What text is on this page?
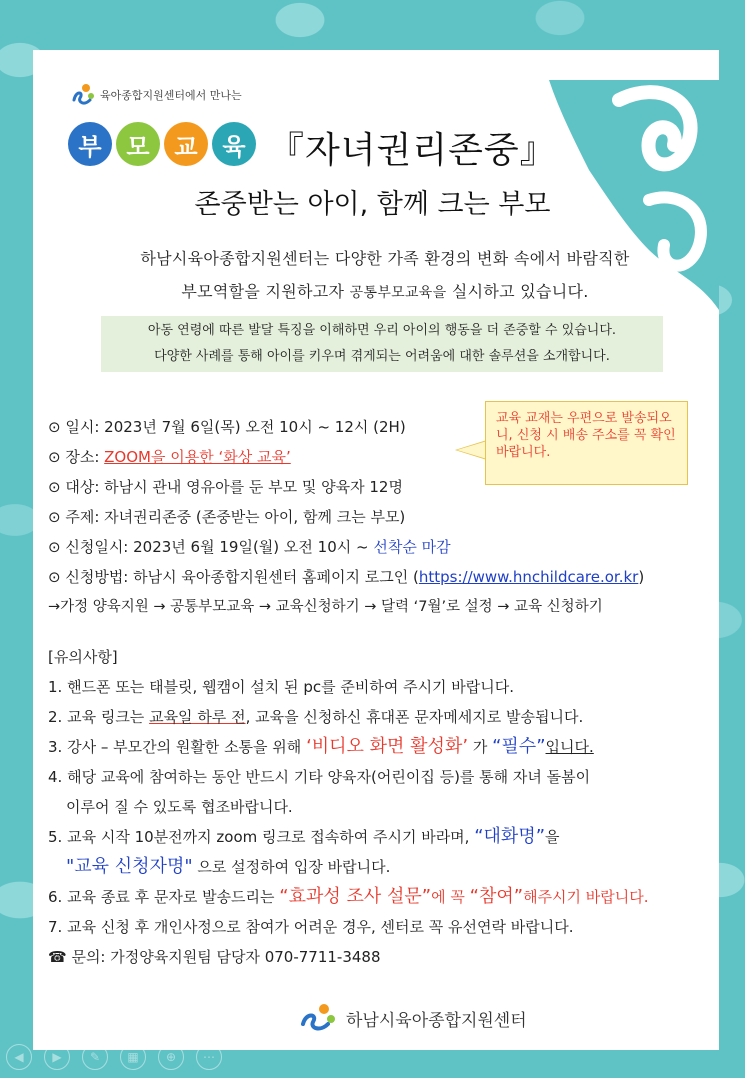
육아종합지원센터에서 만나는
부	모	교	육 『자녀권리존중』
존중받는 아이, 함께 크는 부모
하남시육아종합지원센터는 다양한 가족 환경의 변화 속에서 바람직한
부모역할을 지원하고자 공통부모교육을 실시하고 있습니다.
아동 연령에 따른 발달 특징을 이해하면 우리 아이의 행동을 더 존중할 수 있습니다.
다양한 사례를 통해 아이를 키우며 겪게되는 어려움에 대한 솔루션을 소개합니다.
⊙ 일시: 2023년 7월 6일(목) 오전 10시 ~ 12시 (2H)
⊙ 장소: ZOOM을 이용한 ‘화상 교육’
⊙ 대상: 하남시 관내 영유아를 둔 부모 및 양육자 12명
⊙ 주제: 자녀권리존중 (존중받는 아이, 함께 크는 부모)
⊙ 신청일시: 2023년 6월 19일(월) 오전 10시 ~ 선착순 마감
⊙ 신청방법: 하남시 육아종합지원센터 홈페이지 로그인 (https://www.hnchildcare.or.kr)
→가정 양육지원 → 공통부모교육 → 교육신청하기 → 달력 ‘7월’로 설정 → 교육 신청하기
교육 교재는 우편으로 발송되오니, 신청 시 배송 주소를 꼭 확인 바랍니다.
[유의사항]
1. 핸드폰 또는 태블릿, 웹캠이 설치 된 pc를 준비하여 주시기 바랍니다.
2. 교육 링크는 교육일 하루 전, 교육을 신청하신 휴대폰 문자메세지로 발송됩니다.
3. 강사 – 부모간의 원활한 소통을 위해 ‘비디오 화면 활성화’ 가 “필수”입니다.
4. 해당 교육에 참여하는 동안 반드시 기타 양육자(어린이집 등)를 통해 자녀 돌봄이
이루어 질 수 있도록 협조바랍니다.
5. 교육 시작 10분전까지 zoom 링크로 접속하여 주시기 바라며, “대화명”을
"교육 신청자명" 으로 설정하여 입장 바랍니다.
6. 교육 종료 후 문자로 발송드리는 “효과성 조사 설문”에 꼭 “참여”해주시기 바랍니다.
7. 교육 신청 후 개인사정으로 참여가 어려운 경우, 센터로 꼭 유선연락 바랍니다.
☎ 문의: 가정양육지원팀 담당자 070-7711-3488
하남시육아종합지원센터
◀	▶	✎	▦	⊕	⋯
